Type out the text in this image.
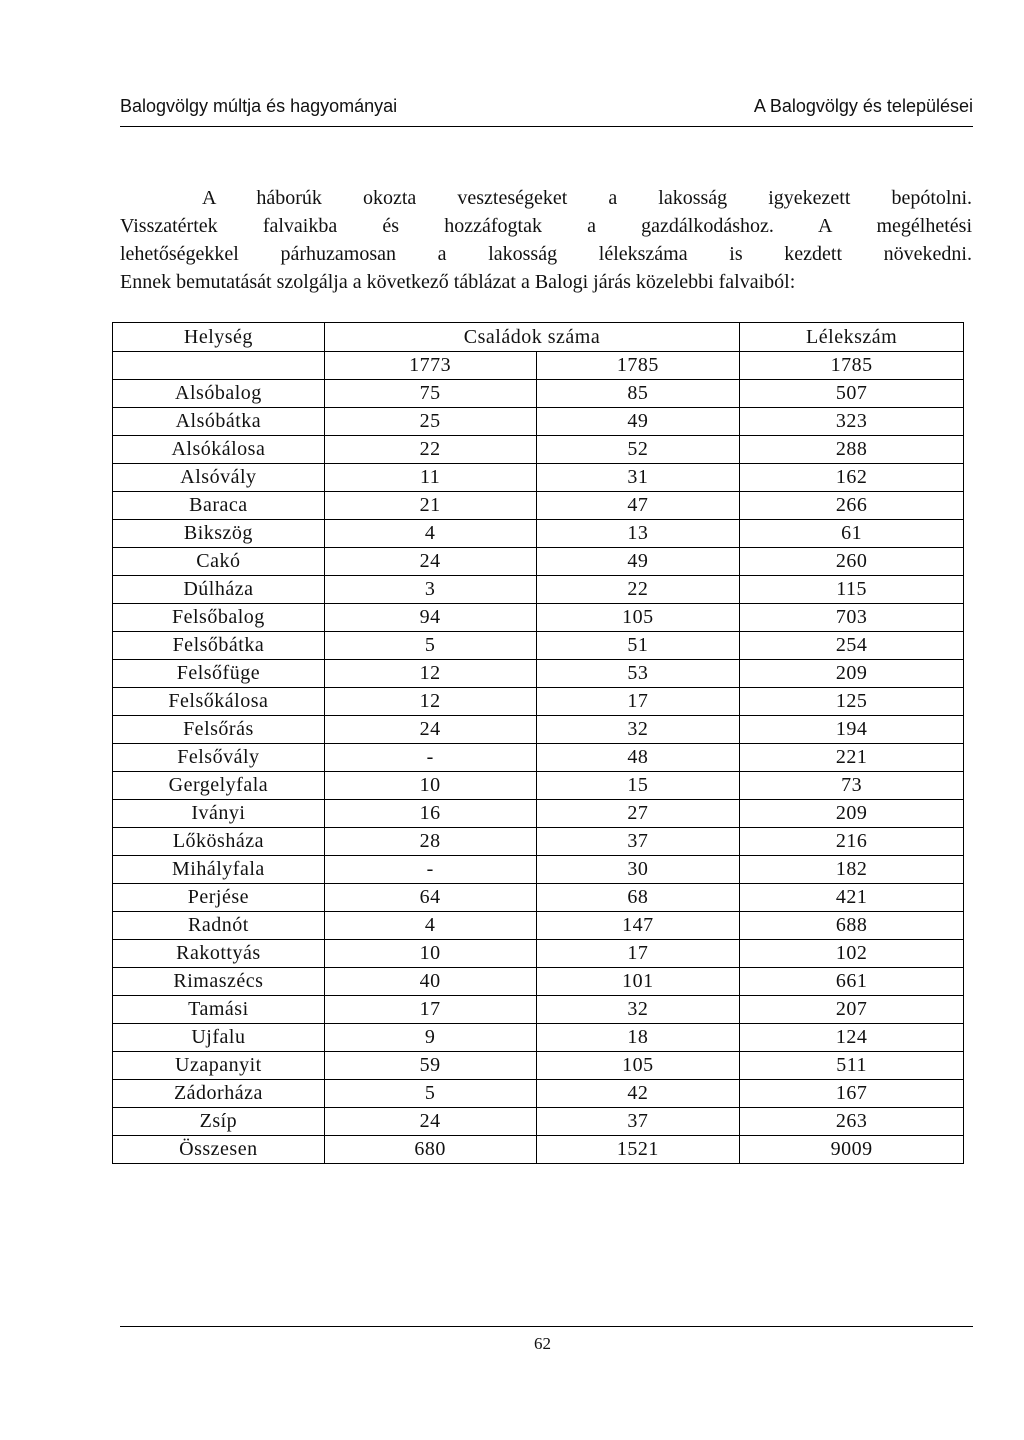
Balogvölgy múltja és hagyományai	A Balogvölgy és települései
A háborúk okozta veszteségeket a lakosság igyekezett bepótolni.
Visszatértek falvaikba és hozzáfogtak a gazdálkodáshoz. A megélhetési
lehetőségekkel párhuzamosan a lakosság lélekszáma is kezdett növekedni.
Ennek bemutatását szolgálja a következő táblázat a Balogi járás közelebbi falvaiból:
Helység	Családok száma		Lélekszám
	1773	1785	1785
Alsóbalog	75	85	507
Alsóbátka	25	49	323
Alsókálosa	22	52	288
Alsóvály	11	31	162
Baraca	21	47	266
Bikszög	4	13	61
Cakó	24	49	260
Dúlháza	3	22	115
Felsőbalog	94	105	703
Felsőbátka	5	51	254
Felsőfüge	12	53	209
Felsőkálosa	12	17	125
Felsőrás	24	32	194
Felsővály	-	48	221
Gergelyfala	10	15	73
Iványi	16	27	209
Lőkösháza	28	37	216
Mihályfala	-	30	182
Perjése	64	68	421
Radnót	4	147	688
Rakottyás	10	17	102
Rimaszécs	40	101	661
Tamási	17	32	207
Ujfalu	9	18	124
Uzapanyit	59	105	511
Zádorháza	5	42	167
Zsíp	24	37	263
Összesen	680	1521	9009
62
